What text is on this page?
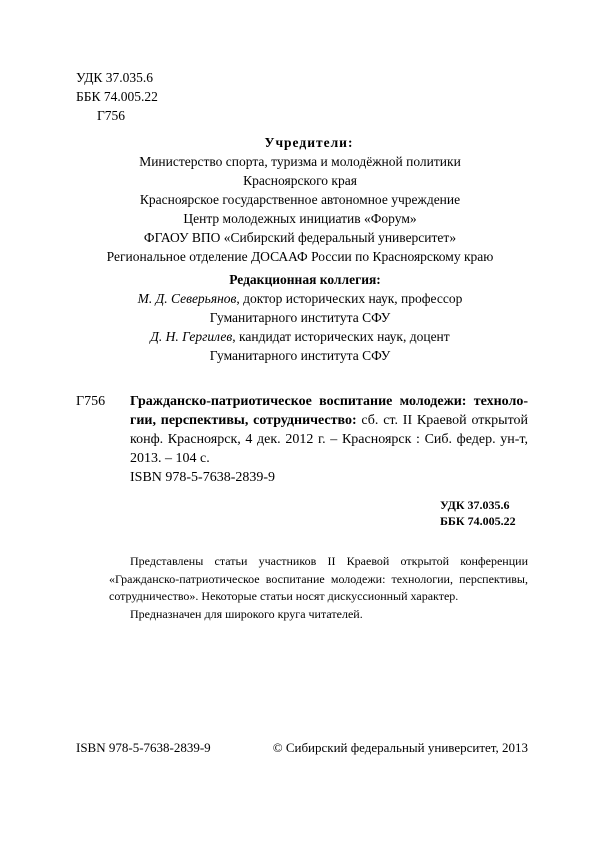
УДК 37.035.6
ББК 74.005.22
Г756
Учредители:
Министерство спорта, туризма и молодёжной политики
Красноярского края
Красноярское государственное автономное учреждение
Центр молодежных инициатив «Форум»
ФГАОУ ВПО «Сибирский федеральный университет»
Региональное отделение ДОСААФ России по Красноярскому краю
Редакционная коллегия:
М. Д. Северьянов, доктор исторических наук, профессор
Гуманитарного института СФУ
Д. Н. Гергилев, кандидат исторических наук, доцент
Гуманитарного института СФУ
Г756 Гражданско-патриотическое воспитание молодежи: техноло-
гии, перспективы, сотрудничество: сб. ст. II Краевой открытой
конф. Красноярск, 4 дек. 2012 г. – Красноярск : Сиб. федер. ун-т,
2013. – 104 с.
ISBN 978-5-7638-2839-9
УДК 37.035.6
ББК 74.005.22
Представлены статьи участников II Краевой открытой конференции «Гражданско-патриотическое воспитание молодежи: технологии, перспективы, сотрудничество». Некоторые статьи носят дискуссионный характер.
Предназначен для широкого круга читателей.
ISBN 978-5-7638-2839-9	© Сибирский федеральный университет, 2013
